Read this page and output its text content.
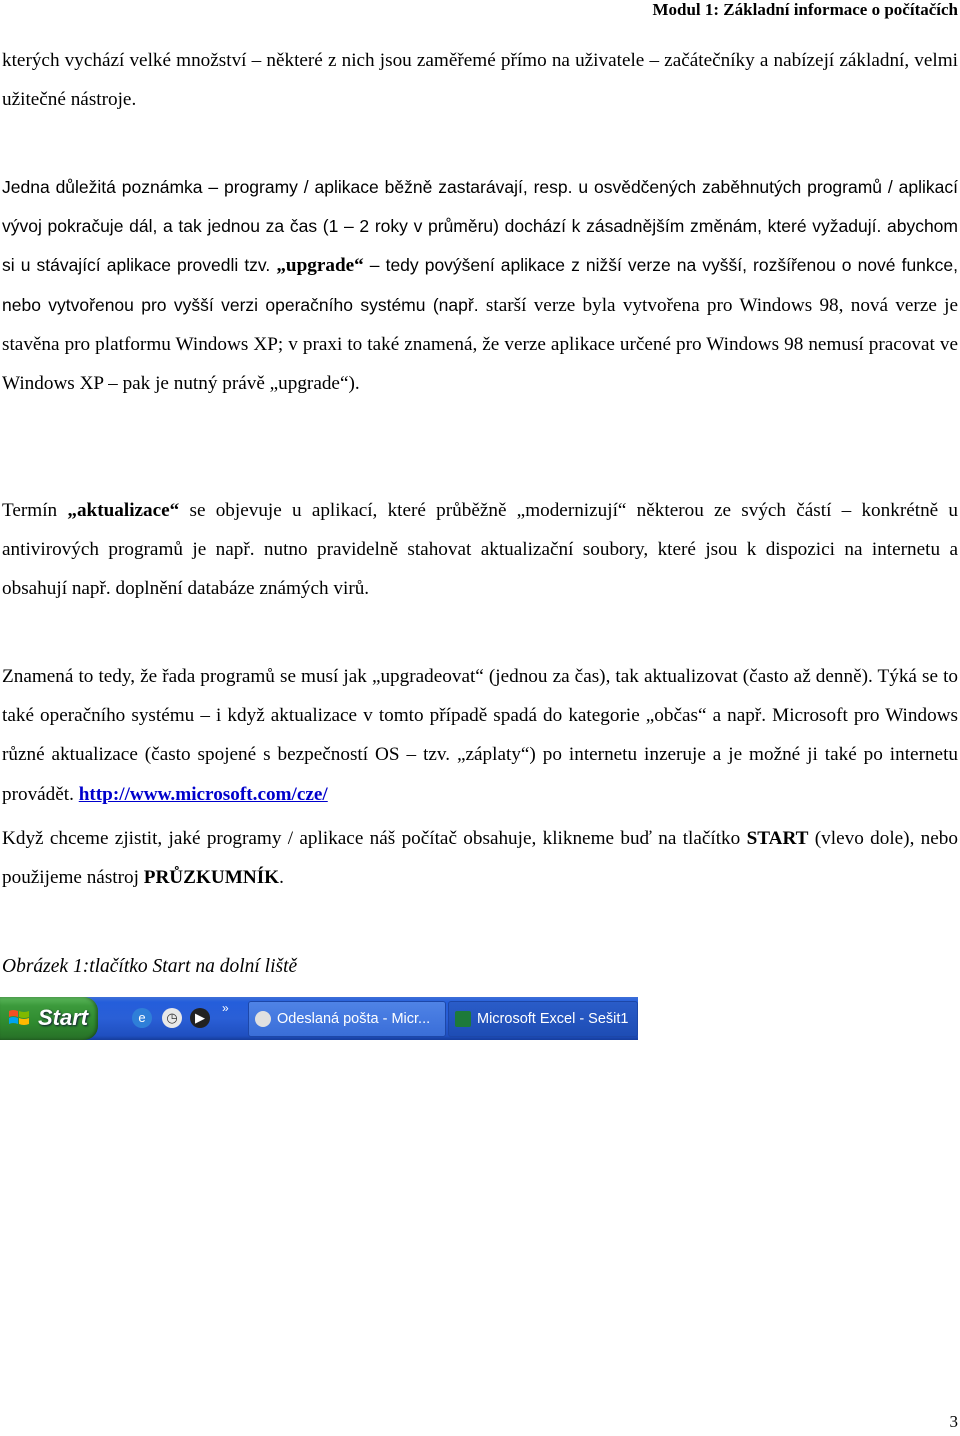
Modul 1: Základní informace o počítačích

kterých vychází velké množství – některé z nich jsou zaměřemé přímo na uživatele – začátečníky a nabízejí základní, velmi užitečné nástroje.

Jedna důležitá poznámka – programy / aplikace běžně zastarávají, resp. u osvědčených zaběhnutých programů / aplikací vývoj pokračuje dál, a tak jednou za čas (1 – 2 roky v průměru) dochází k zásadnějším změnám, které vyžadují. abychom si u stávající aplikace provedli tzv. „upgrade“ – tedy povýšení aplikace z nižší verze na vyšší, rozšířenou o nové funkce, nebo vytvořenou pro vyšší verzi operačního systému (např. starší verze byla vytvořena pro Windows 98, nová verze je stavěna pro platformu Windows XP; v praxi to také znamená, že verze aplikace určené pro Windows 98 nemusí pracovat ve Windows XP – pak je nutný právě „upgrade“).

Termín „aktualizace“ se objevuje u aplikací, které průběžně „modernizují“ některou ze svých částí – konkrétně u antivirových programů je např. nutno pravidelně stahovat aktualizační soubory, které jsou k dispozici na internetu a obsahují např. doplnění databáze známých virů.

Znamená to tedy, že řada programů se musí jak „upgradeovat“ (jednou za čas), tak aktualizovat (často až denně). Týká se to také operačního systému – i když aktualizace v tomto případě spadá do kategorie „občas“ a např. Microsoft pro Windows různé aktualizace (často spojené s bezpečností OS – tzv. „záplaty“) po internetu inzeruje a je možné ji také po internetu provádět. http://www.microsoft.com/cze/

Když chceme zjistit, jaké programy / aplikace náš počítač obsahuje, klikneme buď na tlačítko START (vlevo dole), nebo použijeme nástroj PRŮZKUMNÍK.

Obrázek 1:tlačítko Start na dolní liště
Start	e	◷	▶
»
Odeslaná pošta - Micr...	Microsoft Excel - Sešit1
3
